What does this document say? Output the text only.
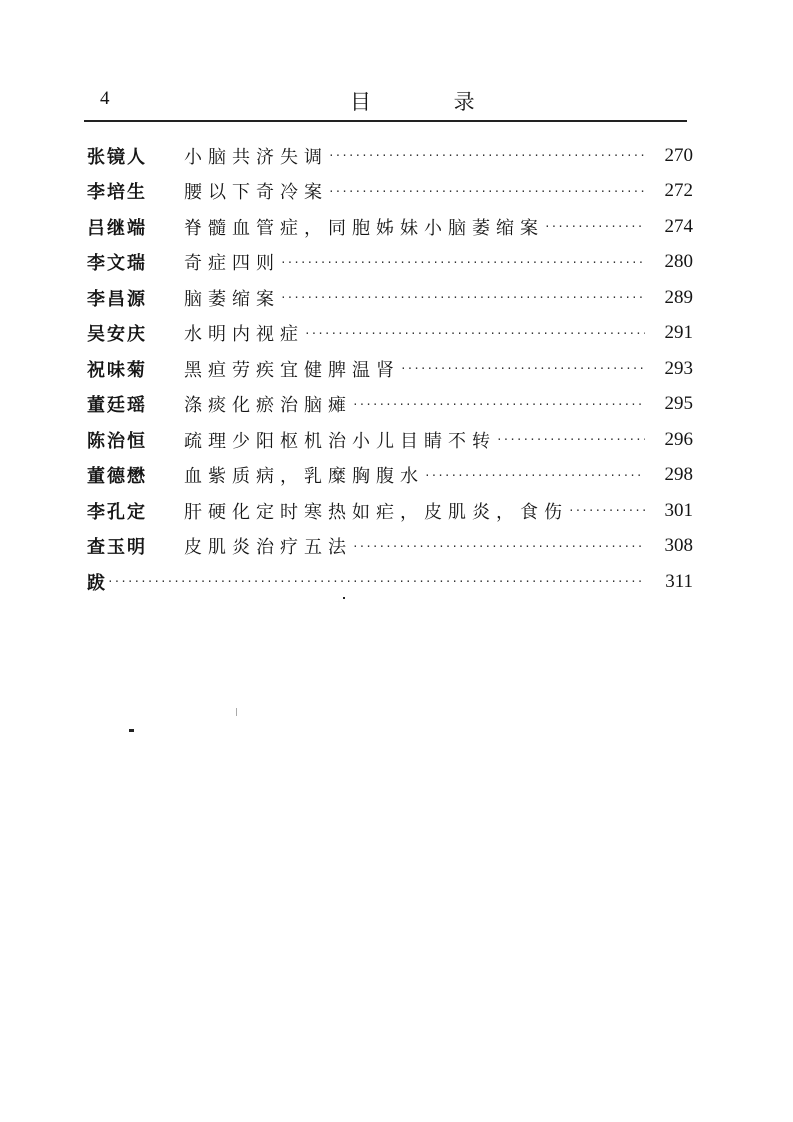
4	目 录
张镜人	小脑共济失调 ·····	270
李培生	腰以下奇冷案 ·····	272
吕继端	脊髓血管症，同胞姊妹小脑萎缩案 ·····	274
李文瑞	奇症四则 ·····	280
李昌源	脑萎缩案 ·····	289
吴安庆	水明内视症 ·····	291
祝味菊	黑疸劳疾宜健脾温肾 ·····	293
董廷瑶	涤痰化瘀治脑瘫 ·····	295
陈治恒	疏理少阳枢机治小儿目睛不转 ·····	296
董德懋	血紫质病，乳糜胸腹水 ·····	298
李孔定	肝硬化定时寒热如疟，皮肌炎，食伤 ·····	301
查玉明	皮肌炎治疗五法 ·····	308
跋 ·····	311
